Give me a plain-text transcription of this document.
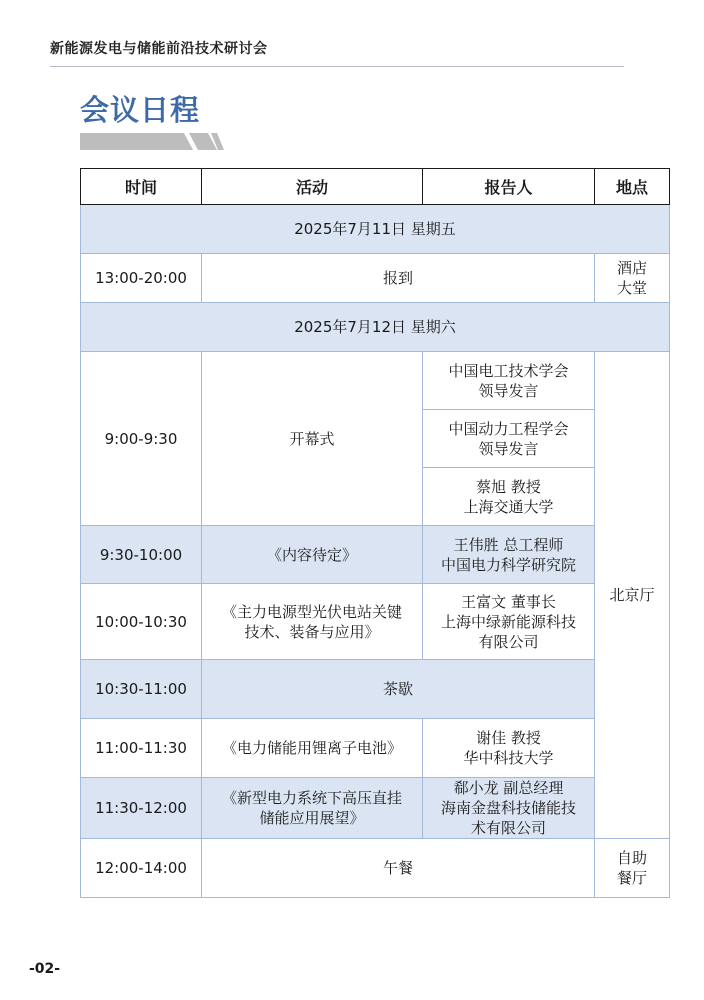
新能源发电与储能前沿技术研讨会
会议日程
时间	活动	报告人	地点
2025年7月11日 星期五			
13:00-20:00	报到		酒店
大堂
2025年7月12日 星期六			
9:00-9:30	开幕式	中国电工技术学会
领导发言	北京厅
		中国动力工程学会
领导发言	
		蔡旭 教授
上海交通大学	
9:30-10:00	《内容待定》	王伟胜 总工程师
中国电力科学研究院	
10:00-10:30	《主力电源型光伏电站关键
技术、装备与应用》	王富文 董事长
上海中绿新能源科技
有限公司	
10:30-11:00	茶歇		
11:00-11:30	《电力储能用锂离子电池》	谢佳 教授
华中科技大学	
11:30-12:00	《新型电力系统下高压直挂
储能应用展望》	郗小龙 副总经理
海南金盘科技储能技
术有限公司	
12:00-14:00	午餐		自助
餐厅
-02-
